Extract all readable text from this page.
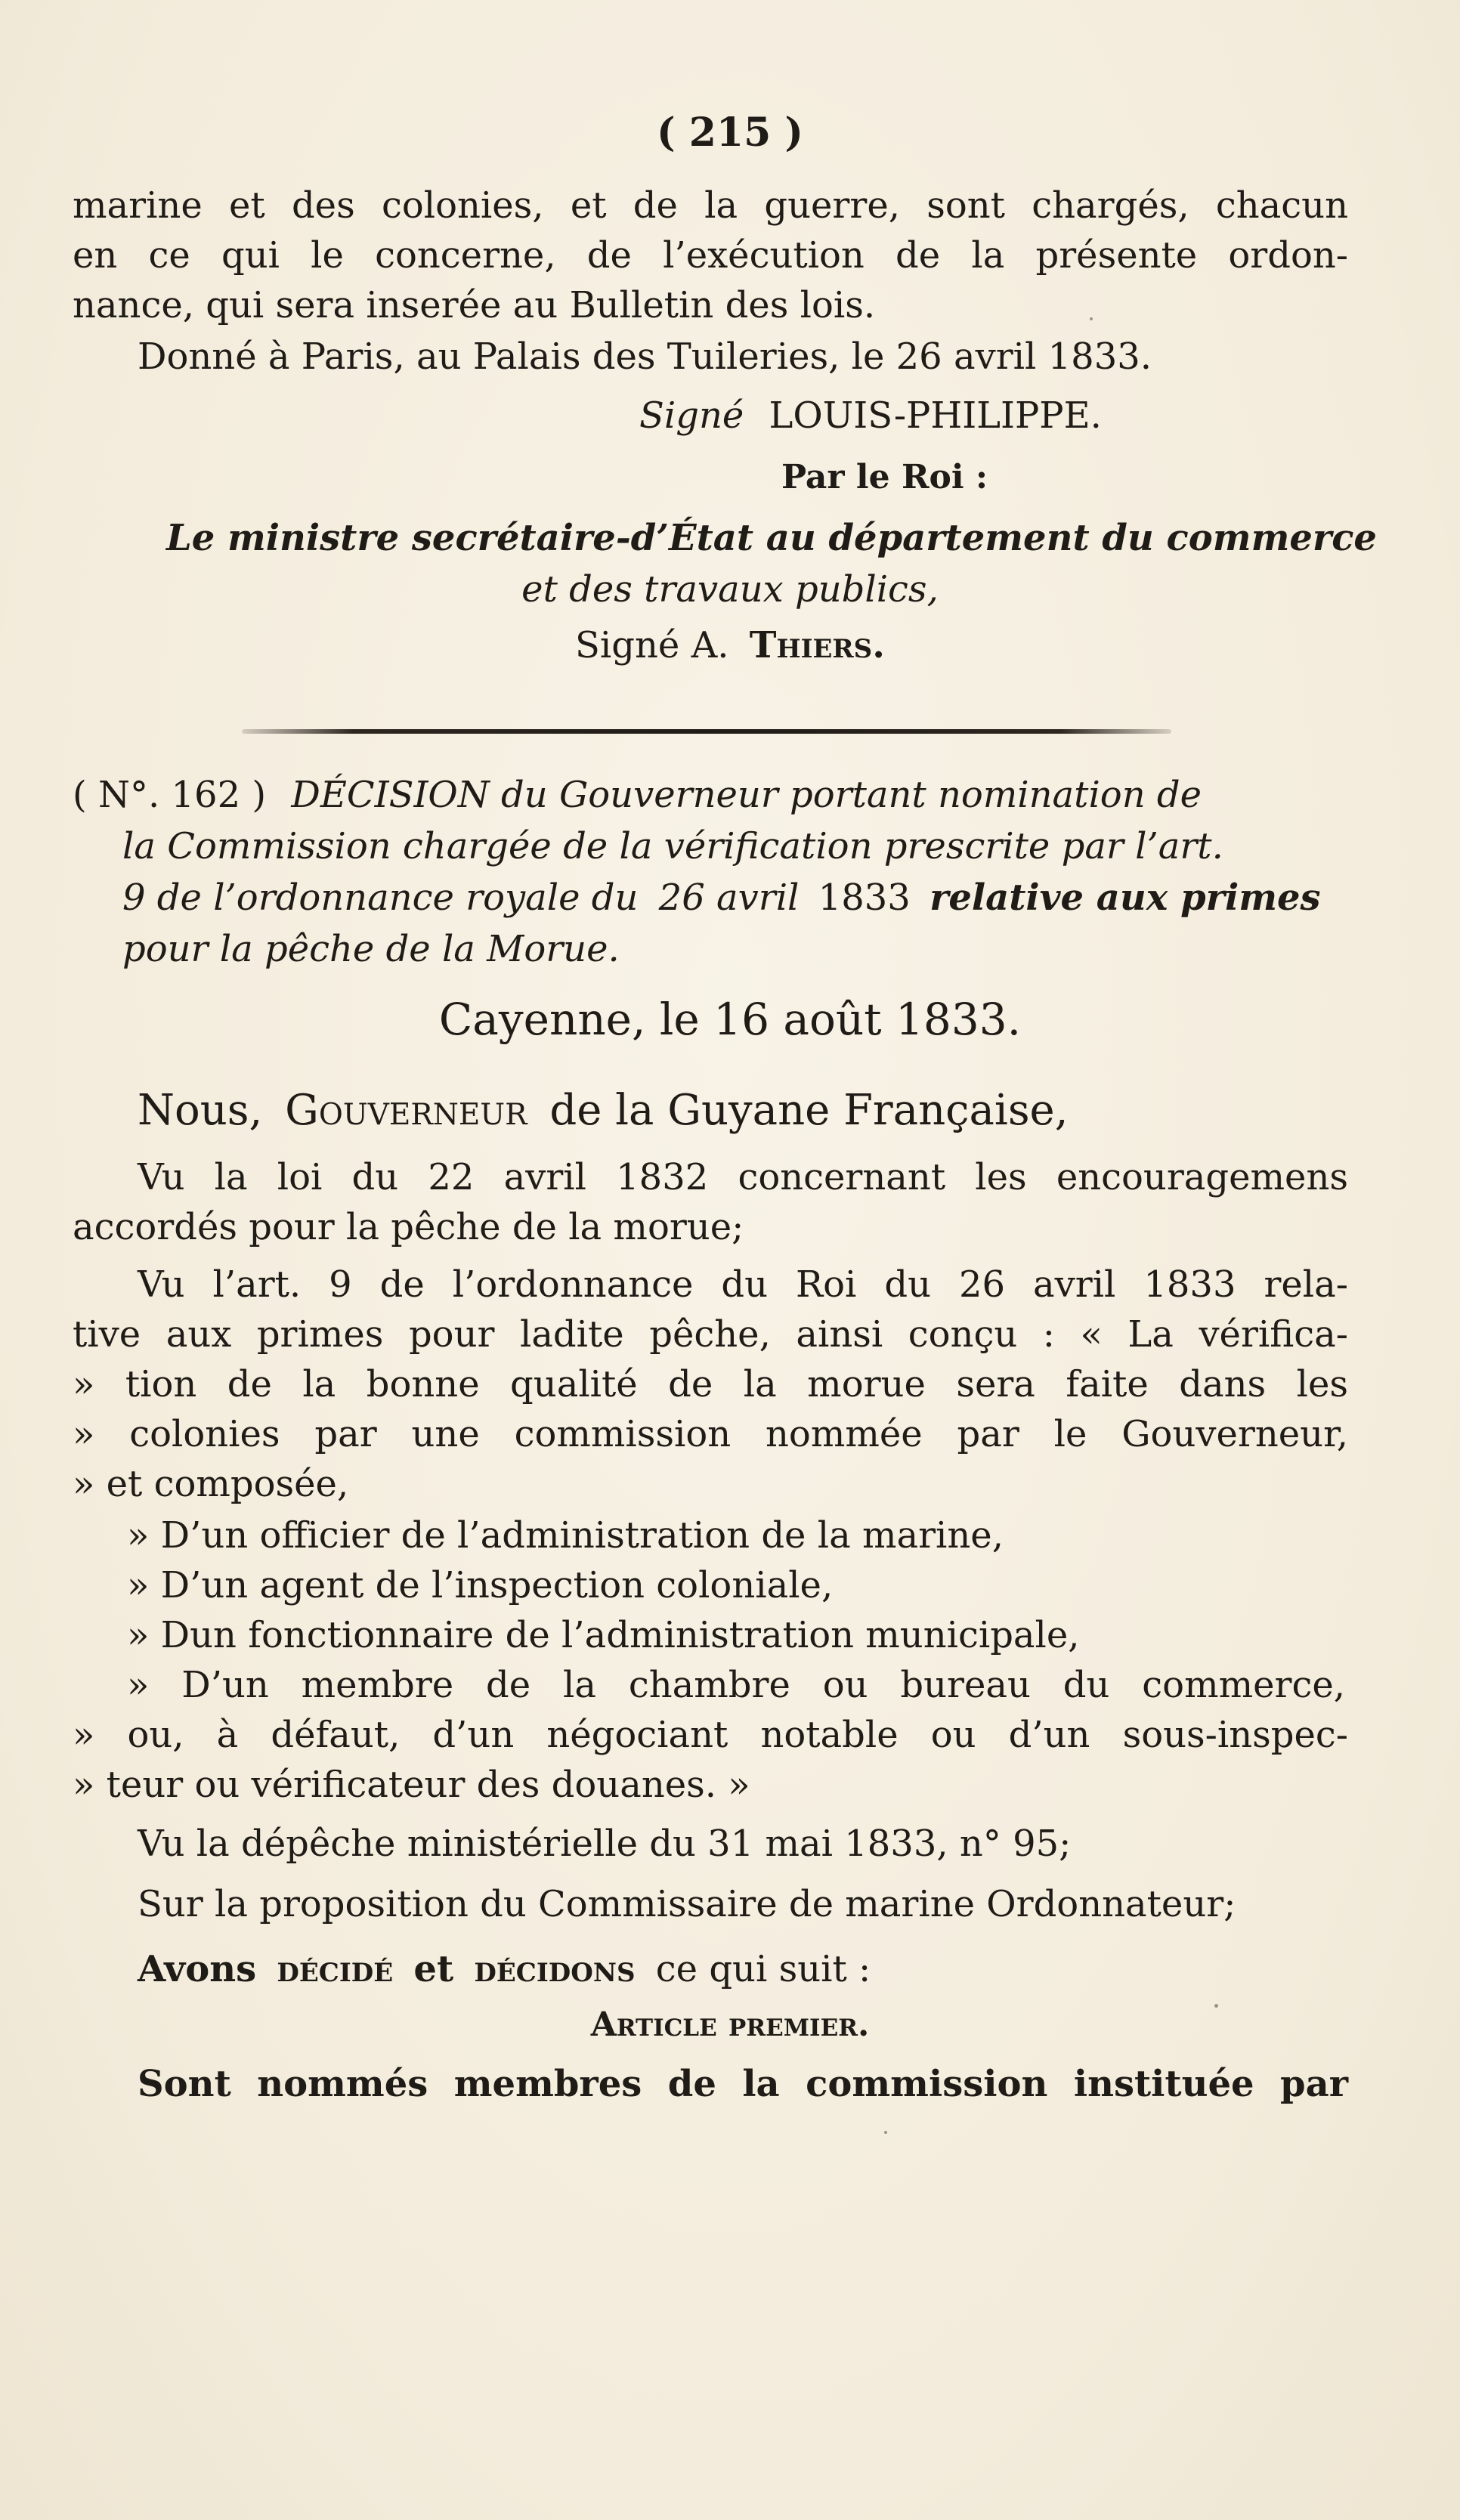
( 215 )
marine et des colonies, et de la guerre, sont chargés, chacun
en ce qui le concerne, de l’exécution de la présente ordon-
nance, qui sera inserée au Bulletin des lois.
Donné à Paris, au Palais des Tuileries, le 26 avril 1833.
Signé LOUIS-PHILIPPE.
Par le Roi :
Le ministre secrétaire-d’État au département du commerce
et des travaux publics,
Signé A. Thiers.
( N°. 162 ) DÉCISION du Gouverneur portant nomination de
la Commission chargée de la vérification prescrite par l’art.
9 de l’ordonnance royale du 26 avril 1833 relative aux primes
pour la pêche de la Morue.
Cayenne, le 16 août 1833.
Nous, Gouverneur de la Guyane Française,
Vu la loi du 22 avril 1832 concernant les encouragemens
accordés pour la pêche de la morue;
Vu l’art. 9 de l’ordonnance du Roi du 26 avril 1833 rela-
tive aux primes pour ladite pêche, ainsi conçu : « La vérifica-
» tion de la bonne qualité de la morue sera faite dans les
» colonies par une commission nommée par le Gouverneur,
» et composée,
» D’un officier de l’administration de la marine,
» D’un agent de l’inspection coloniale,
» Dun fonctionnaire de l’administration municipale,
» D’un membre de la chambre ou bureau du commerce,
» ou, à défaut, d’un négociant notable ou d’un sous-inspec-
» teur ou vérificateur des douanes. »
Vu la dépêche ministérielle du 31 mai 1833, n° 95;
Sur la proposition du Commissaire de marine Ordonnateur;
Avons décidé et décidons ce qui suit :
Article premier.
Sont nommés membres de la commission instituée par
